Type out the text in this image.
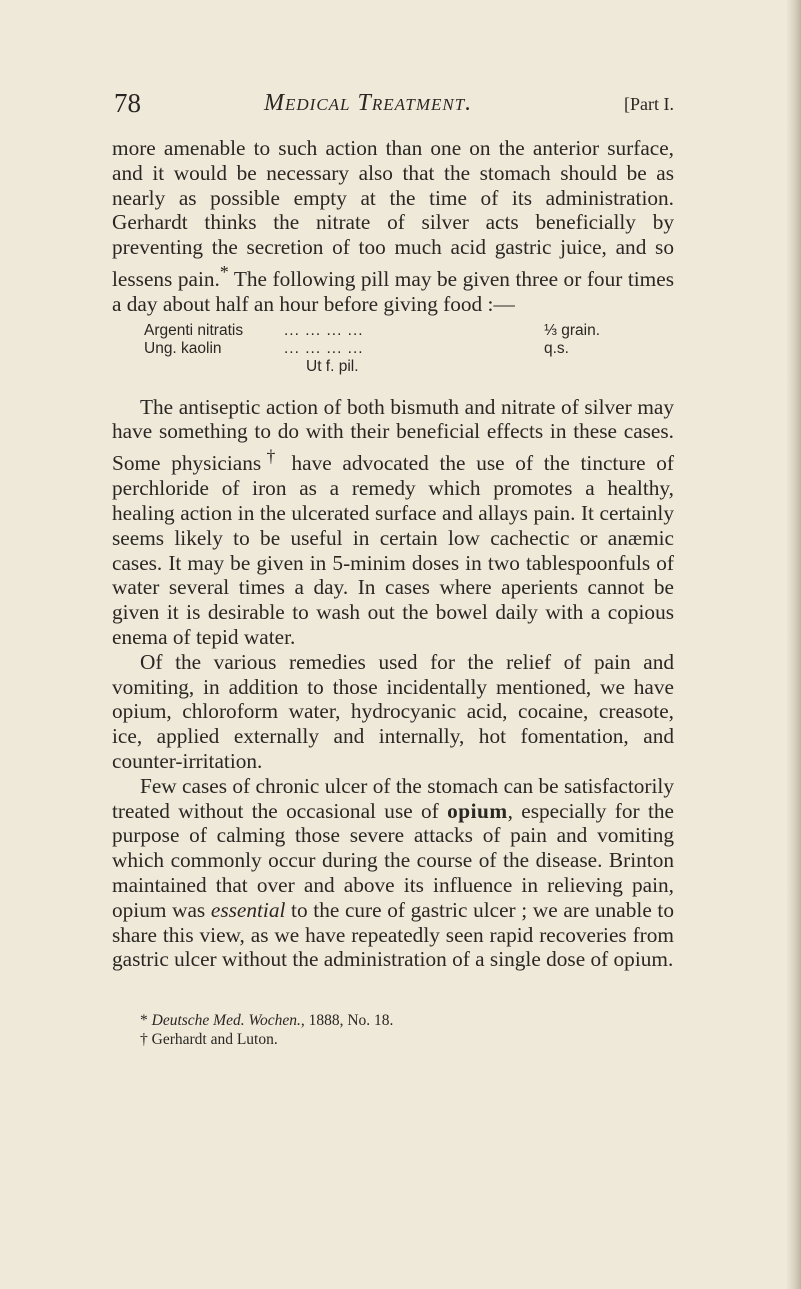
78	Medical Treatment.	[Part I.

more amenable to such action than one on the anterior surface, and it would be necessary also that the stomach should be as nearly as possible empty at the time of its administration. Gerhardt thinks the nitrate of silver acts beneficially by preventing the secretion of too much acid gastric juice, and so lessens pain.* The following pill may be given three or four times a day about half an hour before giving food :—

Argenti nitratis	... ... ... ...	⅓ grain.
Ung. kaolin	... ... ... ...	q.s.
Ut f. pil.

The antiseptic action of both bismuth and nitrate of silver may have something to do with their beneficial effects in these cases. Some physicians† have advocated the use of the tincture of perchloride of iron as a remedy which promotes a healthy, healing action in the ulcerated surface and allays pain. It certainly seems likely to be useful in certain low cachectic or anæmic cases. It may be given in 5-minim doses in two tablespoonfuls of water several times a day. In cases where aperients cannot be given it is desirable to wash out the bowel daily with a copious enema of tepid water.

Of the various remedies used for the relief of pain and vomiting, in addition to those incidentally mentioned, we have opium, chloroform water, hydrocyanic acid, cocaine, creasote, ice, applied externally and internally, hot fomentation, and counter-irritation.

Few cases of chronic ulcer of the stomach can be satisfactorily treated without the occasional use of opium, especially for the purpose of calming those severe attacks of pain and vomiting which commonly occur during the course of the disease. Brinton maintained that over and above its influence in relieving pain, opium was essential to the cure of gastric ulcer ; we are unable to share this view, as we have repeatedly seen rapid recoveries from gastric ulcer without the administration of a single dose of opium.

* Deutsche Med. Wochen., 1888, No. 18.
† Gerhardt and Luton.
